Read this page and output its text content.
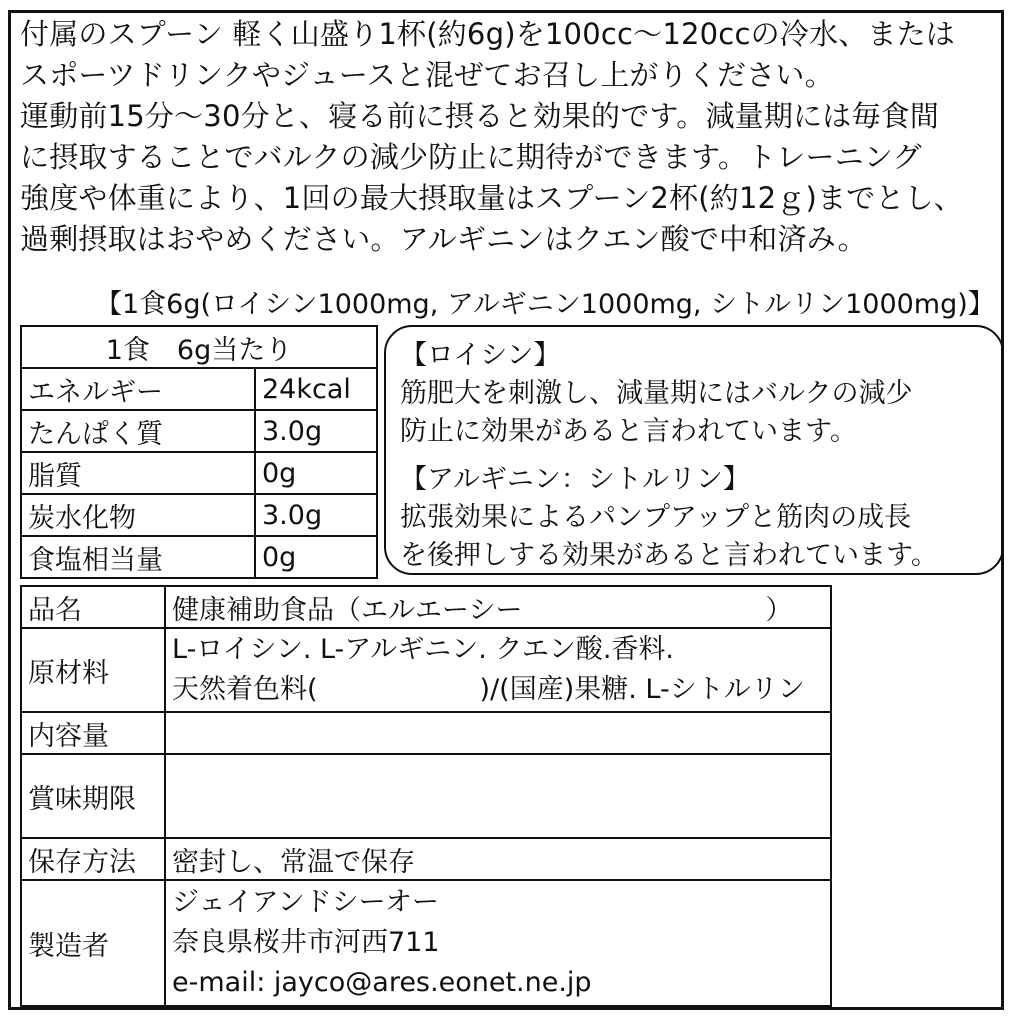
付属のスプーン 軽く山盛り1杯(約6g)を100cc〜120ccの冷水、または
スポーツドリンクやジュースと混ぜてお召し上がりください。
運動前15分〜30分と、寝る前に摂ると効果的です。減量期には毎食間
に摂取することでバルクの減少防止に期待ができます。トレーニング
強度や体重により、1回の最大摂取量はスプーン2杯(約12ｇ)までとし、
過剰摂取はおやめください。アルギニンはクエン酸で中和済み。
【1食6g(ロイシン1000mg, アルギニン1000mg, シトルリン1000mg)】
1食　6g当たり	
エネルギー	24kcal
たんぱく質	3.0g
脂質	0g
炭水化物	3.0g
食塩相当量	0g
【ロイシン】
筋肥大を刺激し、減量期にはバルクの減少
防止に効果があると言われています。
【アルギニン：シトルリン】
拡張効果によるパンプアップと筋肉の成長
を後押しする効果があると言われています。
品名	健康補助食品（エルエーシー　　　　　　　　　）
原材料	L-ロイシン. L-アルギニン. クエン酸.香料.
天然着色料(　　　　　　)/(国産)果糖. L-シトルリン

内容量	
賞味期限	
保存方法	密封し、常温で保存
製造者	ジェイアンドシーオー
奈良県桜井市河西711
e-mail: jayco@ares.eonet.ne.jp
